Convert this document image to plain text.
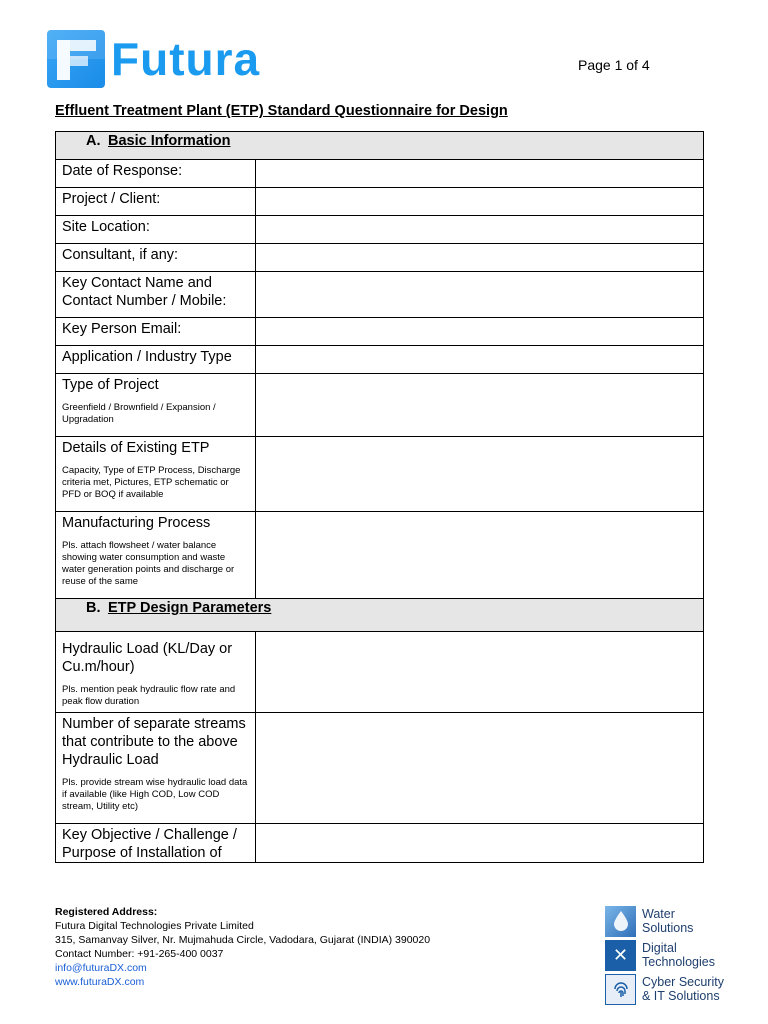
Futura	Page 1 of 4
Effluent Treatment Plant (ETP) Standard Questionnaire for Design
A. Basic Information	

Date of Response:	

Project / Client:	

Site Location:	

Consultant, if any:	

Key Contact Name and Contact Number / Mobile:	

Key Person Email:	

Application / Industry Type	

Type of Project
Greenfield / Brownfield / Expansion / Upgradation	

Details of Existing ETP
Capacity, Type of ETP Process, Discharge criteria met, Pictures, ETP schematic or PFD or BOQ if available	

Manufacturing Process
Pls. attach flowsheet / water balance showing water consumption and waste water generation points and discharge or reuse of the same	

B. ETP Design Parameters	

Hydraulic Load (KL/Day or Cu.m/hour)
Pls. mention peak hydraulic flow rate and peak flow duration	

Number of separate streams that contribute to the above Hydraulic Load
Pls. provide stream wise hydraulic load data if available (like High COD, Low COD stream, Utility etc)	

Key Objective / Challenge / Purpose of Installation of	

Registered Address:
Futura Digital Technologies Private Limited
315, Samanvay Silver, Nr. Mujmahuda Circle, Vadodara, Gujarat (INDIA) 390020
Contact Number: +91-265-400 0037
info@futuraDX.com
www.futuraDX.com
Water
Solutions
✕	Digital
Technologies
Cyber Security
& IT Solutions
